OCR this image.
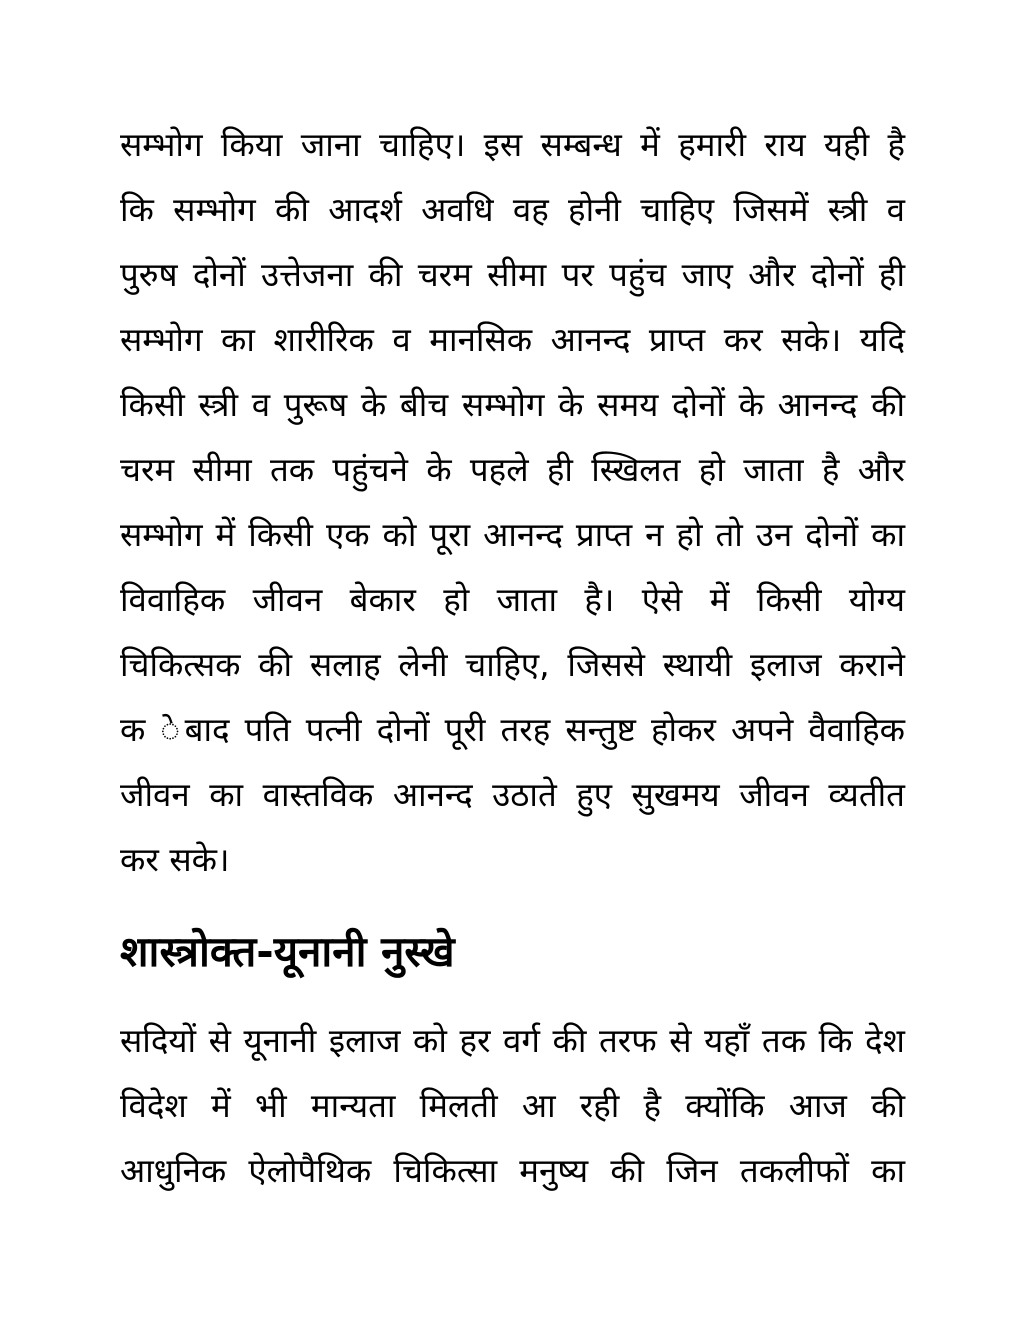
सम्भोग किया जाना चाहिए। इस सम्बन्ध में हमारी राय यही है
कि सम्भोग की आदर्श अवधि वह होनी चाहिए जिसमें स्त्री व
पुरुष दोनों उत्तेजना की चरम सीमा पर पहुंच जाए और दोनों ही
सम्भोग का शारीरिक व मानसिक आनन्द प्राप्त कर सके। यदि
किसी स्त्री व पुरूष के बीच सम्भोग के समय दोनों के आनन्द की
चरम सीमा तक पहुंचने के पहले ही स्खिलत हो जाता है और
सम्भोग में किसी एक को पूरा आनन्द प्राप्त न हो तो उन दोनों का
विवाहिक जीवन बेकार हो जाता है। ऐसे में किसी योग्य
चिकित्सक की सलाह लेनी चाहिए, जिससे स्थायी इलाज कराने
क ◌ेबाद पति पत्नी दोनों पूरी तरह सन्तुष्ट होकर अपने वैवाहिक
जीवन का वास्तविक आनन्द उठाते हुए सुखमय जीवन व्यतीत
कर सके।
शास्त्रोक्त-यूनानी नुस्खे
सदियों से यूनानी इलाज को हर वर्ग की तरफ से यहाँ तक कि देश
विदेश में भी मान्यता मिलती आ रही है क्योंकि आज की
आधुनिक ऐलोपैथिक चिकित्सा मनुष्य की जिन तकलीफों का
